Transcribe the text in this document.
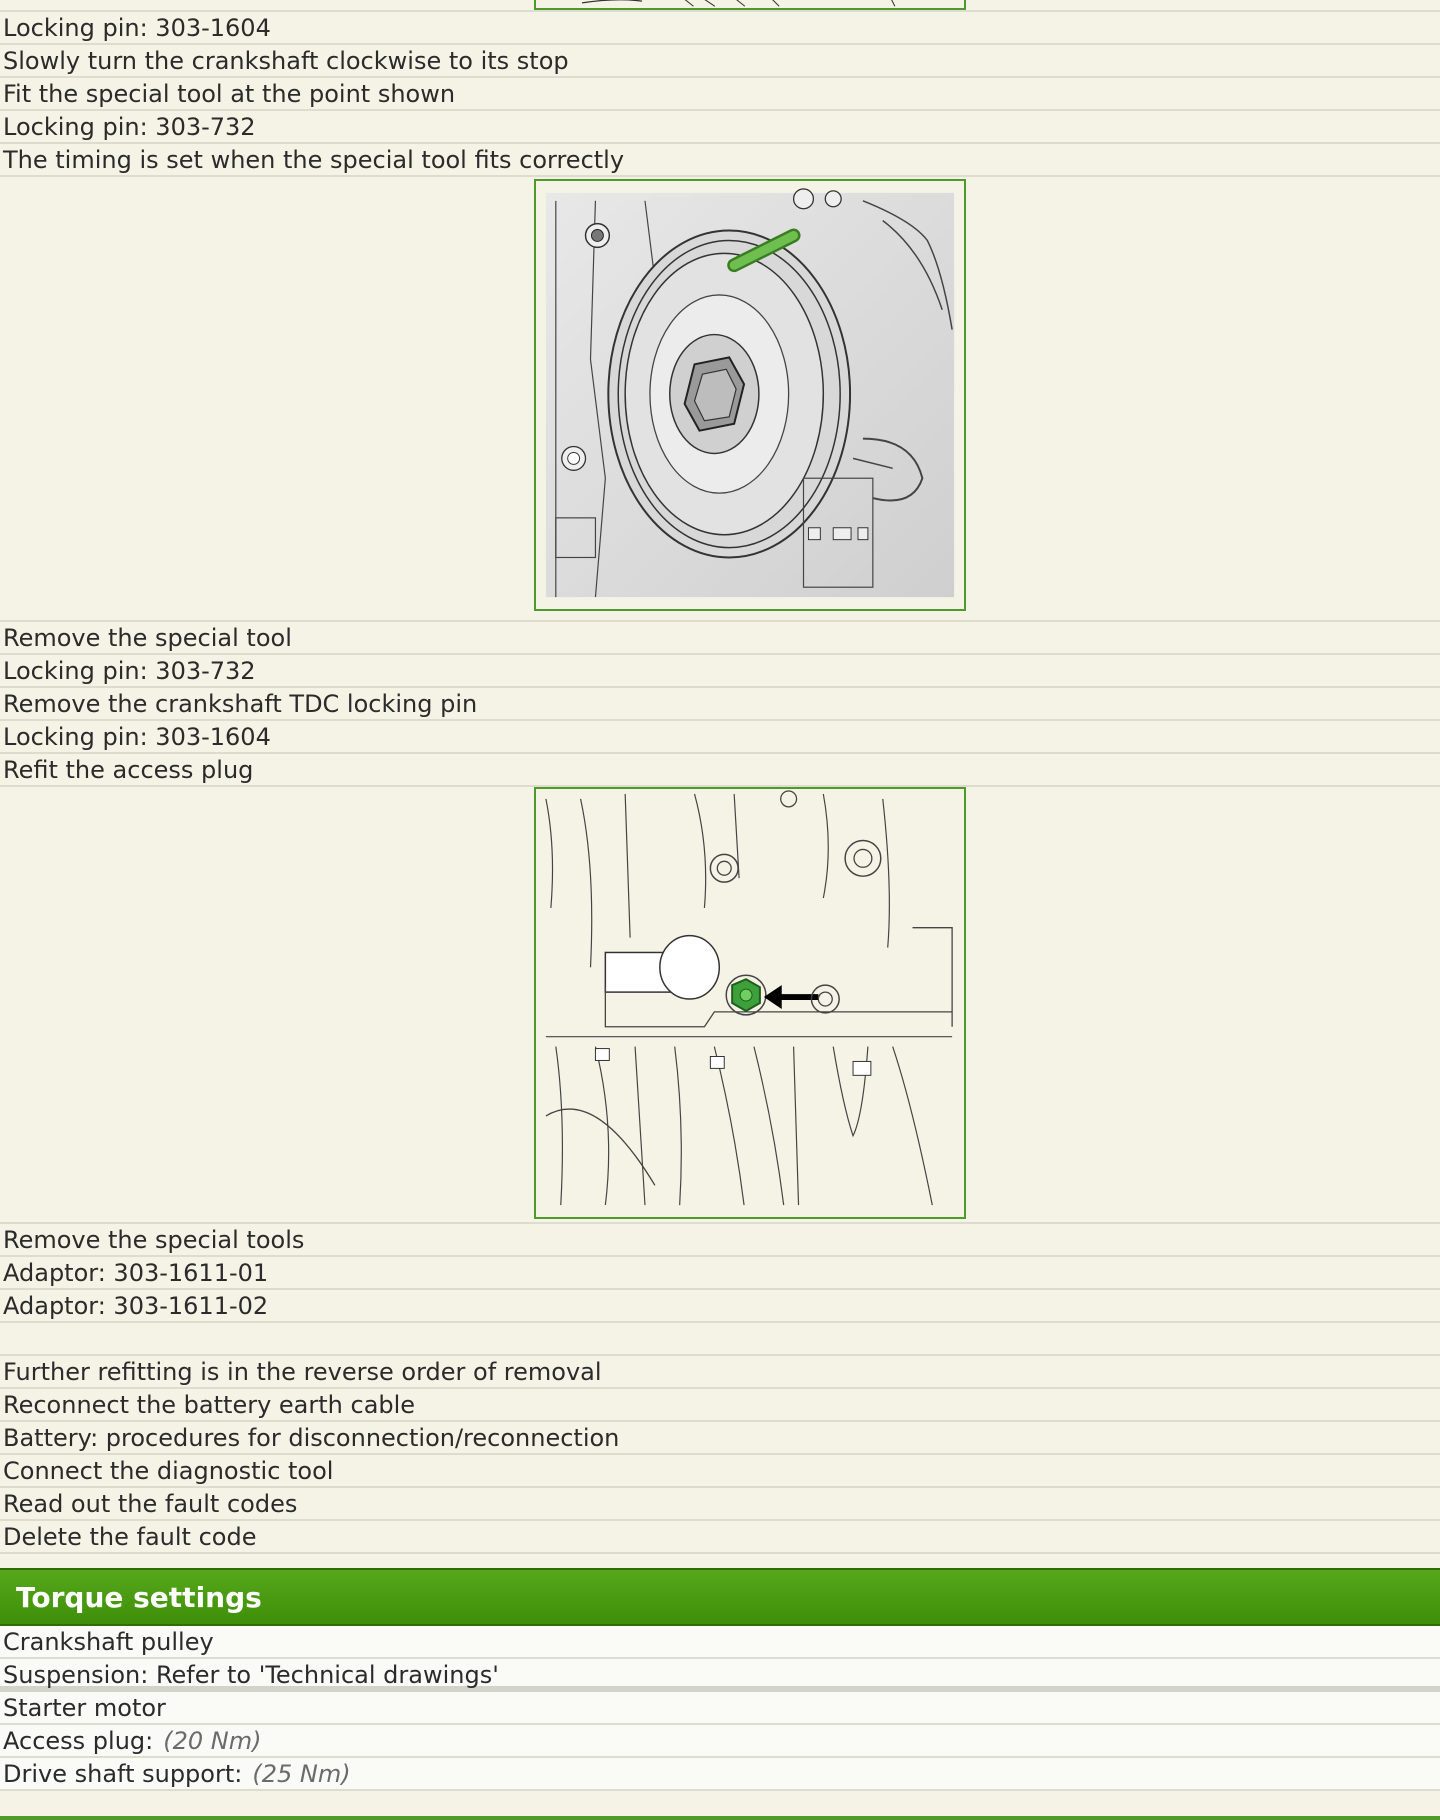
Locking pin: 303-1604
Slowly turn the crankshaft clockwise to its stop
Fit the special tool at the point shown
Locking pin: 303-732
The timing is set when the special tool fits correctly
Remove the special tool
Locking pin: 303-732
Remove the crankshaft TDC locking pin
Locking pin: 303-1604
Refit the access plug
Remove the special tools
Adaptor: 303-1611-01
Adaptor: 303-1611-02
Further refitting is in the reverse order of removal
Reconnect the battery earth cable
Battery: procedures for disconnection/reconnection
Connect the diagnostic tool
Read out the fault codes
Delete the fault code
Torque settings
Crankshaft pulley
Suspension: Refer to 'Technical drawings'
Starter motor
Access plug: (20 Nm)
Drive shaft support: (25 Nm)
